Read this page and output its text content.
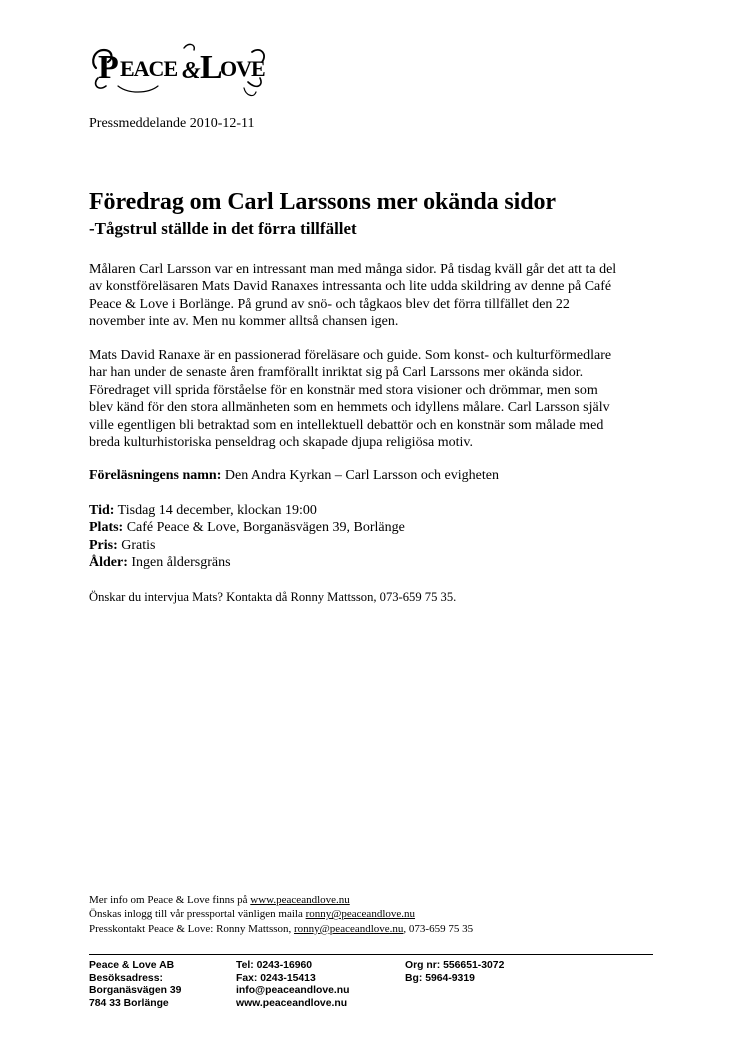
P EACE & L
OVE
Pressmeddelande 2010-12-11
Föredrag om Carl Larssons mer okända sidor
-Tågstrul ställde in det förra tillfället

Målaren Carl Larsson var en intressant man med många sidor. På tisdag kväll går det att ta del
av konstföreläsaren Mats David Ranaxes intressanta och lite udda skildring av denne på Café
Peace & Love i Borlänge. På grund av snö- och tågkaos blev det förra tillfället den 22
november inte av. Men nu kommer alltså chansen igen.

Mats David Ranaxe är en passionerad föreläsare och guide. Som konst- och kulturförmedlare
har han under de senaste åren framförallt inriktat sig på Carl Larssons mer okända sidor.
Föredraget vill sprida förståelse för en konstnär med stora visioner och drömmar, men som
blev känd för den stora allmänheten som en hemmets och idyllens målare. Carl Larsson själv
ville egentligen bli betraktad som en intellektuell debattör och en konstnär som målade med
breda kulturhistoriska penseldrag och skapade djupa religiösa motiv.

Föreläsningens namn: Den Andra Kyrkan – Carl Larsson och evigheten
Tid: Tisdag 14 december, klockan 19:00
Plats: Café Peace & Love, Borganäsvägen 39, Borlänge
Pris: Gratis
Ålder: Ingen åldersgräns
Önskar du intervjua Mats? Kontakta då Ronny Mattsson, 073-659 75 35.
Mer info om Peace & Love finns på www.peaceandlove.nu
Önskas inlogg till vår pressportal vänligen maila ronny@peaceandlove.nu
Presskontakt Peace & Love: Ronny Mattsson, ronny@peaceandlove.nu, 073-659 75 35
Peace & Love AB
Besöksadress:
Borganäsvägen 39
784 33 Borlänge
Tel: 0243-16960
Fax: 0243-15413
info@peaceandlove.nu
www.peaceandlove.nu
Org nr: 556651-3072
Bg: 5964-9319
